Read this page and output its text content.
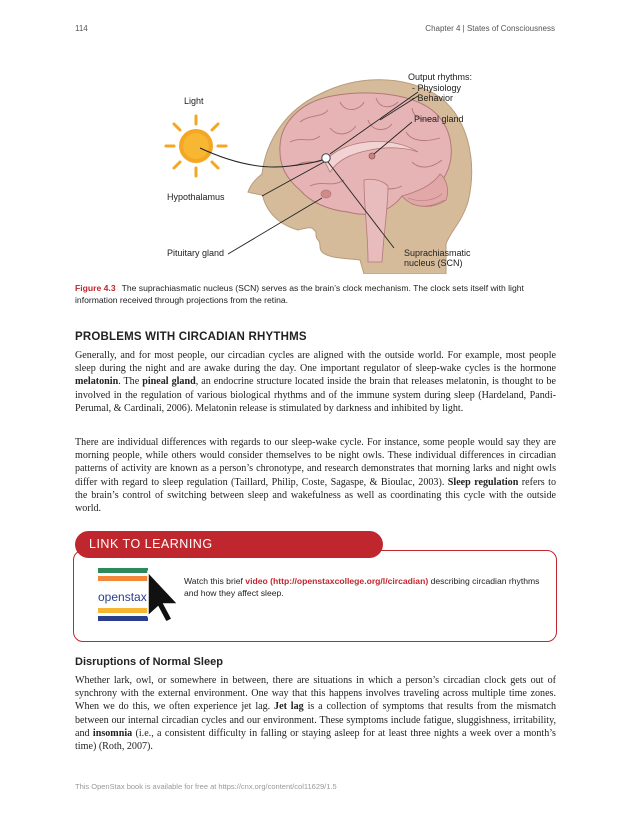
114	Chapter 4 | States of Consciousness
Light
Output rhythms:
- Physiology
- Behavior
Pineal gland
Hypothalamus
Pituitary gland	Suprachiasmatic
nucleus (SCN)
Figure 4.3 The suprachiasmatic nucleus (SCN) serves as the brain’s clock mechanism. The clock sets itself with light information received through projections from the retina.
PROBLEMS WITH CIRCADIAN RHYTHMS
Generally, and for most people, our circadian cycles are aligned with the outside world. For example, most people sleep during the night and are awake during the day. One important regulator of sleep-wake cycles is the hormone melatonin. The pineal gland, an endocrine structure located inside the brain that releases melatonin, is thought to be involved in the regulation of various biological rhythms and of the immune system during sleep (Hardeland, Pandi-Perumal, & Cardinali, 2006). Melatonin release is stimulated by darkness and inhibited by light.
There are individual differences with regards to our sleep-wake cycle. For instance, some people would say they are morning people, while others would consider themselves to be night owls. These individual differences in circadian patterns of activity are known as a person’s chronotype, and research demonstrates that morning larks and night owls differ with regard to sleep regulation (Taillard, Philip, Coste, Sagaspe, & Bioulac, 2003). Sleep regulation refers to the brain’s control of switching between sleep and wakefulness as well as coordinating this cycle with the outside world.
LINK TO LEARNING
openstax
Watch this brief video (http://openstaxcollege.org/l/circadian) describing circadian rhythms and how they affect sleep.
Disruptions of Normal Sleep
Whether lark, owl, or somewhere in between, there are situations in which a person’s circadian clock gets out of synchrony with the external environment. One way that this happens involves traveling across multiple time zones. When we do this, we often experience jet lag. Jet lag is a collection of symptoms that results from the mismatch between our internal circadian cycles and our environment. These symptoms include fatigue, sluggishness, irritability, and insomnia (i.e., a consistent difficulty in falling or staying asleep for at least three nights a week over a month’s time) (Roth, 2007).
This OpenStax book is available for free at https://cnx.org/content/col11629/1.5
